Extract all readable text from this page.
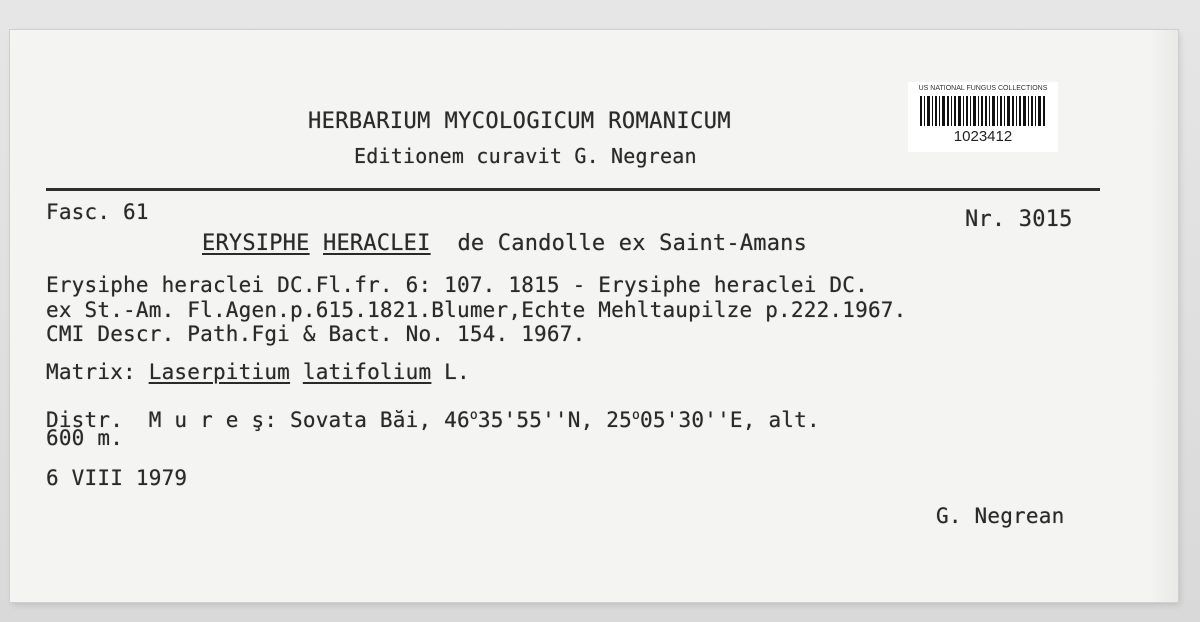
HERBARIUM MYCOLOGICUM ROMANICUM
Editionem curavit G. Negrean
US NATIONAL FUNGUS COLLECTIONS
1023412
Fasc. 61	Nr. 3015
ERYSIPHE HERACLEI de Candolle ex Saint-Amans
Erysiphe heraclei DC.Fl.fr. 6: 107. 1815 - Erysiphe heraclei DC.
ex St.-Am. Fl.Agen.p.615.1821.Blumer,Echte Mehltaupilze p.222.1967.
CMI Descr. Path.Fgi & Bact. No. 154. 1967.
Matrix: Laserpitium latifolium L.
Distr. M u r e ş: Sovata Băi, 46$^o$35'55''N, 25$^o$05'30''E, alt.
600 m.
6 VIII 1979
G. Negrean
